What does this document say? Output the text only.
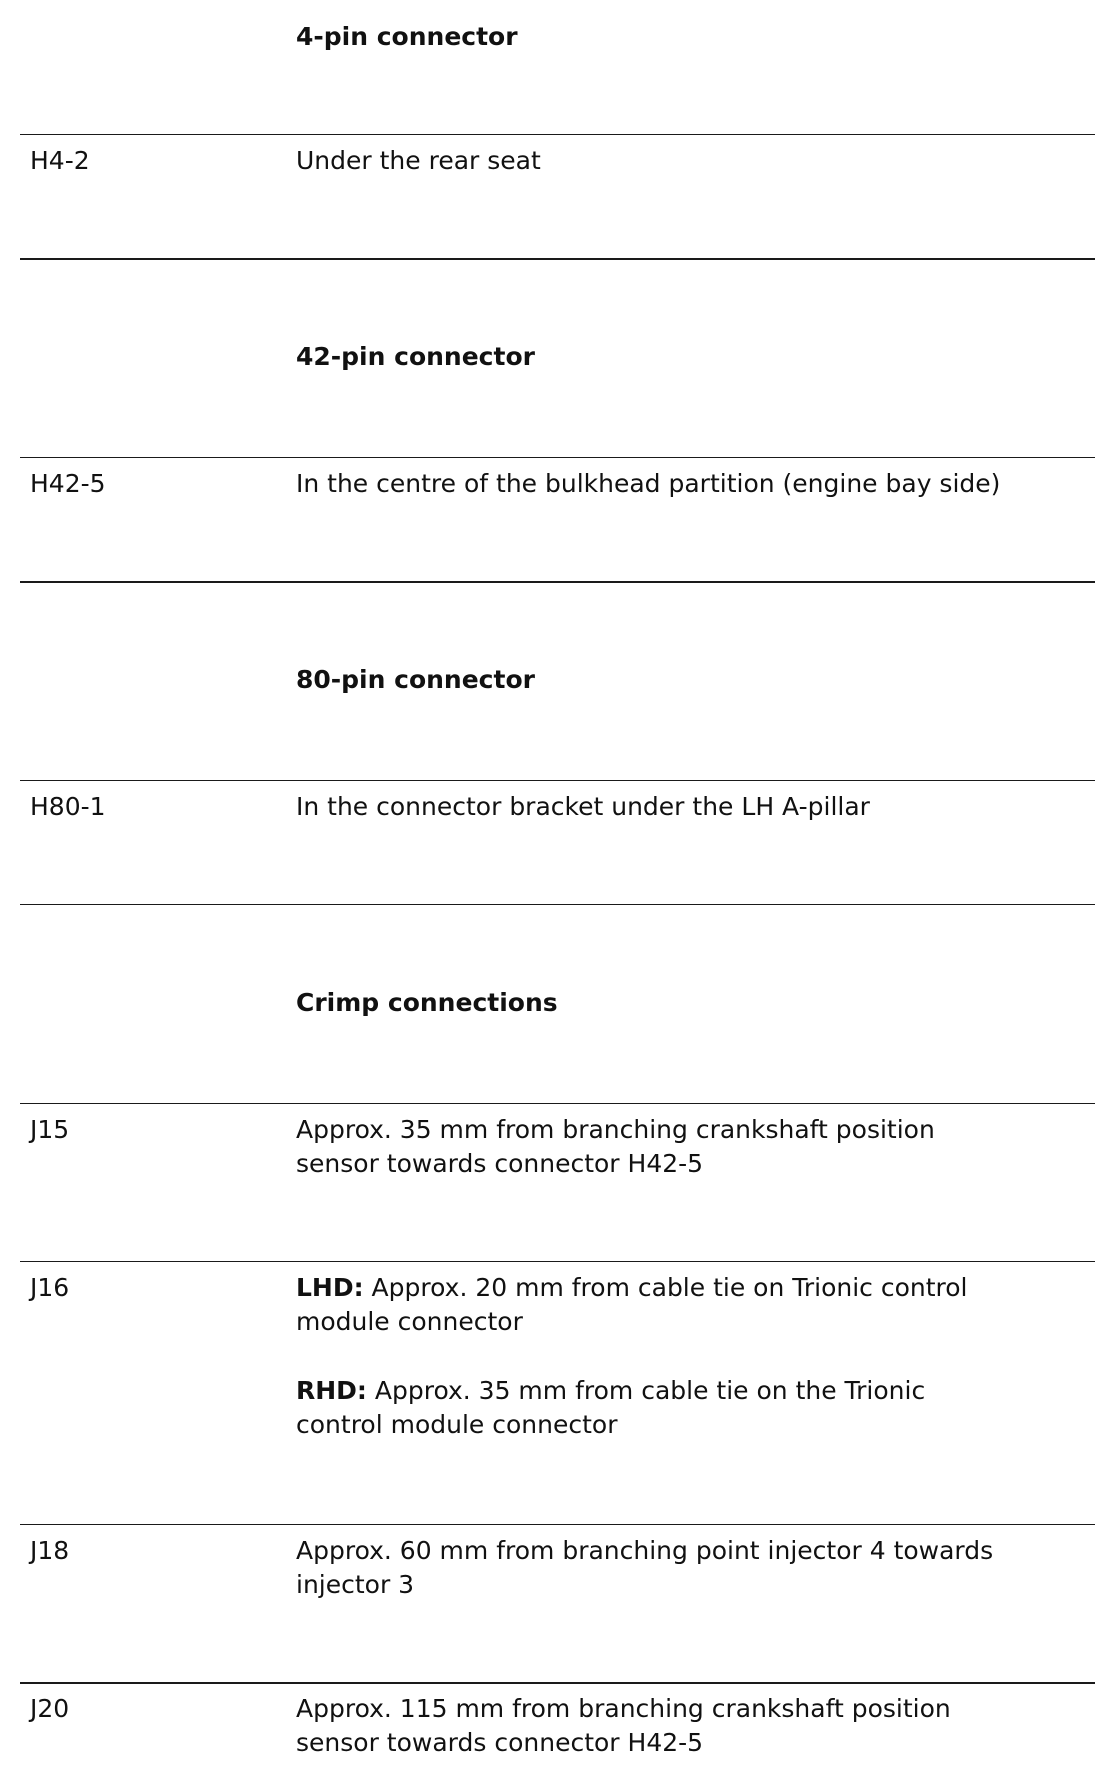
4-pin connector
H4-2	Under the rear seat
42-pin connector
H42-5	In the centre of the bulkhead partition (engine bay side)
80-pin connector
H80-1	In the connector bracket under the LH A-pillar
Crimp connections
J15	Approx. 35 mm from branching crankshaft position
sensor towards connector H42-5
J16	LHD: Approx. 20 mm from cable tie on Trionic control
module connector
RHD: Approx. 35 mm from cable tie on the Trionic
control module connector
J18	Approx. 60 mm from branching point injector 4 towards
injector 3
J20	Approx. 115 mm from branching crankshaft position
sensor towards connector H42-5
